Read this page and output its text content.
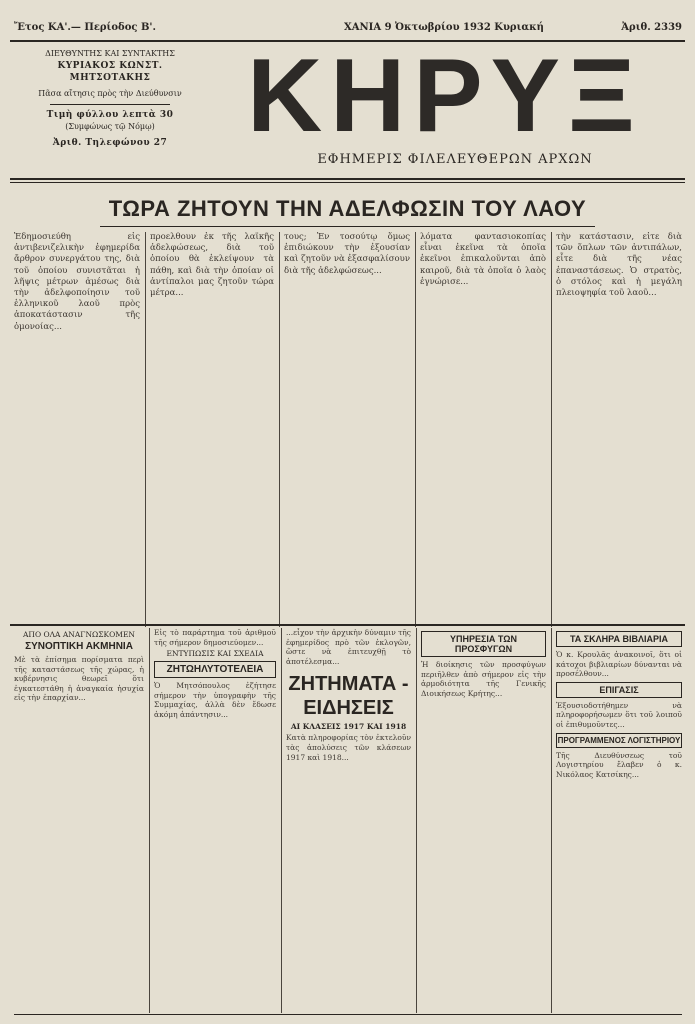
Ἔτος ΚΑ'.— Περίοδος Β'.	ΧΑΝΙΑ 9 Ὀκτωβρίου 1932 Κυριακή	Ἀριθ. 2339
ΔΙΕΥΘΥΝΤΗΣ ΚΑΙ ΣΥΝΤΑΚΤΗΣ
ΚΥΡΙΑΚΟΣ ΚΩΝΣΤ. ΜΗΤΣΟΤΑΚΗΣ
Πᾶσα αἴτησις πρὸς τὴν Διεύθυνσιν
Τιμὴ φύλλου λεπτὰ 30
(Συμφώνως τῷ Νόμῳ)
Ἀριθ. Τηλεφώνου 27 ΚΗΡΥΞ
ΕΦΗΜΕΡΙΣ ΦΙΛΕΛΕΥΘΕΡΩΝ ΑΡΧΩΝ
ΤΩΡΑ ΖΗΤΟΥΝ ΤΗΝ ΑΔΕΛΦΩΣΙΝ ΤΟΥ ΛΑΟΥ
Ἐδημοσιεύθη εἰς ἀντιβενιζελικὴν ἐφημερίδα ἄρθρον συνεργάτου της, διὰ τοῦ ὁποίου συνιστᾶται ἡ λῆψις μέτρων ἀμέσως διὰ τὴν ἀδελφοποίησιν τοῦ ἑλληνικοῦ λαοῦ πρὸς ἀποκατάστασιν τῆς ὁμονοίας...
προελθουν ἐκ τῆς λαϊκῆς ἀδελφώσεως, διὰ τοῦ ὁποίου θὰ ἐκλείψουν τὰ πάθη, καὶ διὰ τὴν ὁποίαν οἱ ἀντίπαλοι μας ζητοῦν τώρα μέτρα...
τους; Ἐν τοσούτῳ ὅμως ἐπιδιώκουν τὴν ἐξουσίαν καὶ ζητοῦν νὰ ἐξασφαλίσουν διὰ τῆς ἀδελφώσεως...
λόματα φαντασιοκοπίας εἶναι ἐκεῖνα τὰ ὁποῖα ἐκεῖνοι ἐπικαλοῦνται ἀπὸ καιροῦ, διὰ τὰ ὁποῖα ὁ λαὸς ἐγνώρισε...
τὴν κατάστασιν, εἶτε διὰ τῶν ὅπλων τῶν ἀντιπάλων, εἶτε διὰ τῆς νέας ἐπαναστάσεως. Ὁ στρατὸς, ὁ στόλος καὶ ἡ μεγάλη πλειοψηφία τοῦ λαοῦ...
ΑΠΟ ΟΛΑ ΑΝΑΓΝΩΣΚΟΜΕΝ
ΣΥΝΟΠΤΙΚΗ ΑΚΜΗΝΙΑ
Μὲ τὰ ἐπίσημα πορίσματα περὶ τῆς καταστάσεως τῆς χώρας, ἡ κυβέρνησις θεωρεῖ ὅτι ἐγκατεστάθη ἡ ἀναγκαία ἡσυχία εἰς τὴν ἐπαρχίαν...
Εἰς τὸ παράρτημα τοῦ ἀριθμοῦ τῆς σήμερον δημοσιεύομεν...
ΕΝΤΥΠΩΣΙΣ ΚΑΙ ΣΧΕΔΙΑ
ΖΗΤΩΗΛΥΤΟΤΕΛΕΙΑ
Ὁ Μητσόπουλος ἐζήτησε σήμερον τὴν ὑπογραφὴν τῆς Συμμαχίας, ἀλλὰ δὲν ἔδωσε ἀκόμη ἀπάντησιν...
...εἶχον τὴν ἀρχικὴν δύναμιν τῆς ἐφημερίδος πρὸ τῶν ἐκλογῶν, ὥστε νὰ ἐπιτευχθῇ τὸ ἀποτέλεσμα...
ΖΗΤΗΜΑΤΑ - ΕΙΔΗΣΕΙΣ
ΑΙ ΚΛΑΣΕΙΣ 1917 ΚΑΙ 1918
Κατὰ πληροφορίας τὸν ἐκτελοῦν τὰς ἀπολύσεις τῶν κλάσεων 1917 καὶ 1918...
ΥΠΗΡΕΣΙΑ ΤΩΝ ΠΡΟΣΦΥΓΩΝ
Ἡ διοίκησις τῶν προσφύγων περιῆλθεν ἀπὸ σήμερον εἰς τὴν ἁρμοδιότητα τῆς Γενικῆς Διοικήσεως Κρήτης...
ΤΑ ΣΚΛΗΡΑ ΒΙΒΛΙΑΡΙΑ
Ὁ κ. Κρουλᾶς ἀνακοινοῖ, ὅτι οἱ κάτοχοι βιβλιαρίων δύνανται νὰ προσέλθουν...
ΕΠΙΓΑΣΙΣ
Ἐξουσιοδοτήθημεν νὰ πληροφορήσωμεν ὅτι τοῦ λοιποῦ οἱ ἐπιθυμοῦντες...
ΠΡΟΓΡΑΜΜΕΝΟΣ ΛΟΓΙΣΤΗΡΙΟΥ
Τῆς Διευθύνσεως τοῦ Λογιστηρίου ἔλαβεν ὁ κ. Νικόλαος Κατσίκης...
